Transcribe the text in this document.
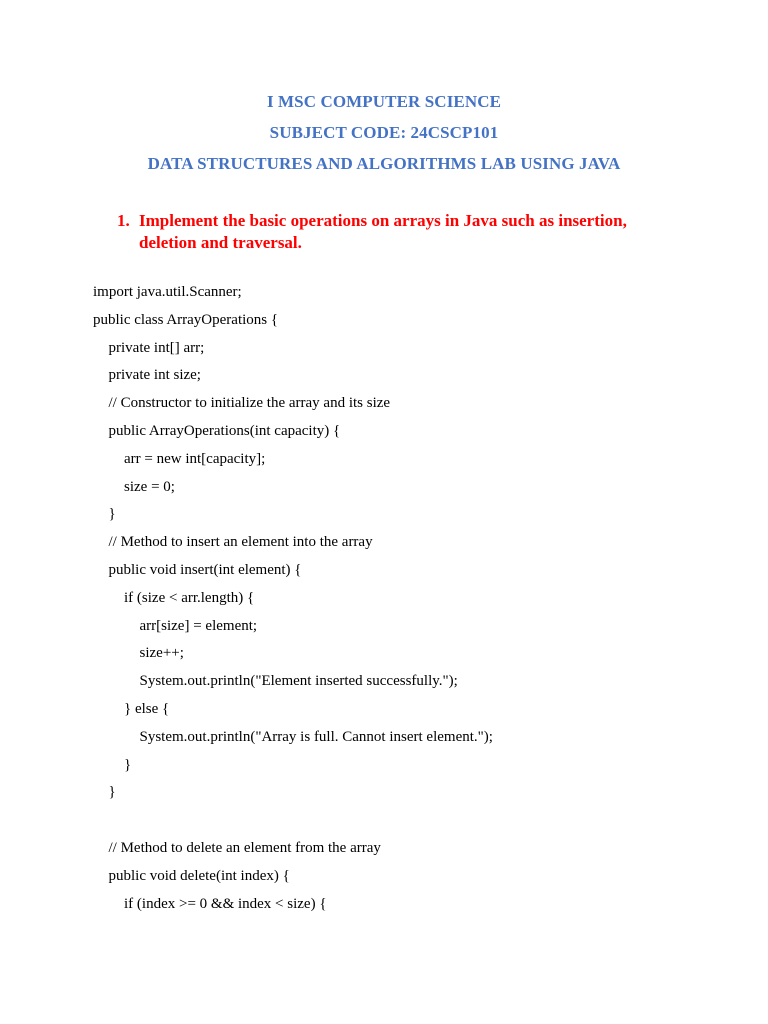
I MSC COMPUTER SCIENCE
SUBJECT CODE: 24CSCP101
DATA STRUCTURES AND ALGORITHMS LAB USING JAVA
1. Implement the basic operations on arrays in Java such as insertion, deletion and traversal.
import java.util.Scanner;
public class ArrayOperations {
private int[] arr;
private int size;
// Constructor to initialize the array and its size
public ArrayOperations(int capacity) {
arr = new int[capacity];
size = 0;
}
// Method to insert an element into the array
public void insert(int element) {
if (size < arr.length) {
arr[size] = element;
size++;
System.out.println("Element inserted successfully.");
} else {
System.out.println("Array is full. Cannot insert element.");
}
}
// Method to delete an element from the array
public void delete(int index) {
if (index >= 0 && index < size) {
